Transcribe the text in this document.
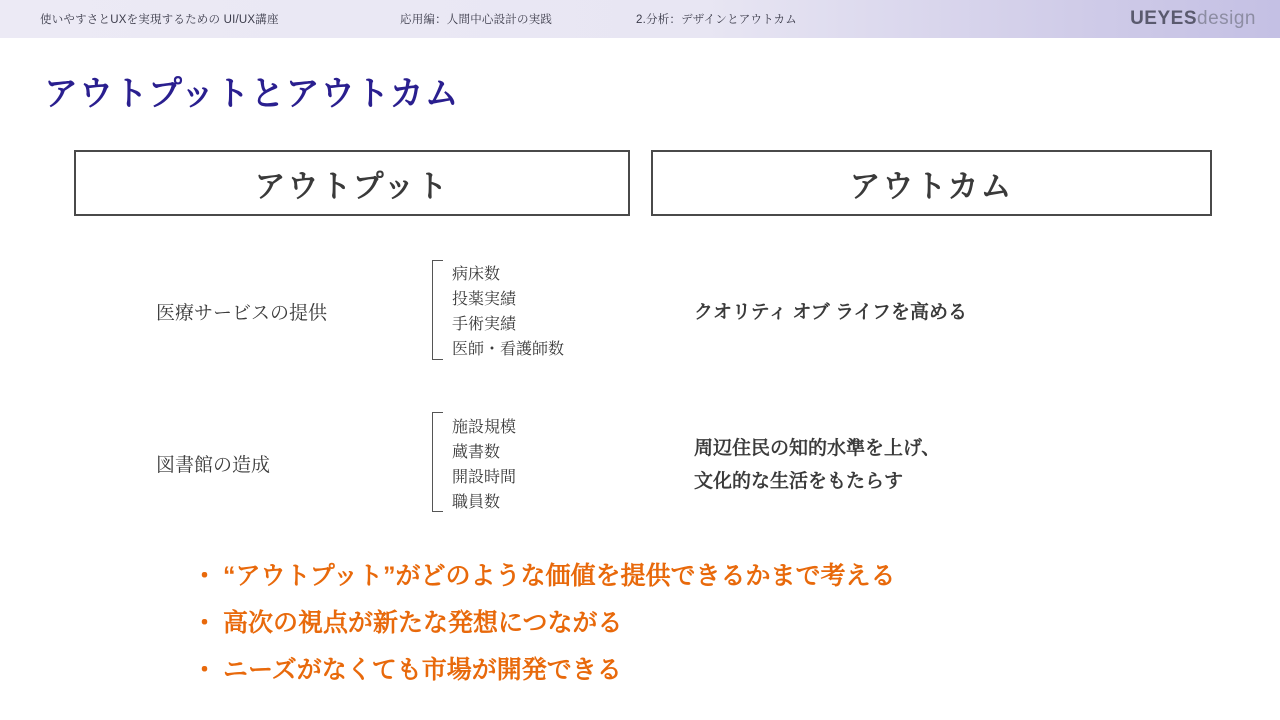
使いやすさとUXを実現するための UI/UX講座	応用編：人間中心設計の実践	2.分析：デザインとアウトカム	UEYESdesign
アウトプットとアウトカム
アウトプット	アウトカム
医療サービスの提供
病床数
投薬実績
手術実績
医師・看護師数
クオリティ オブ ライフを高める
図書館の造成
施設規模
蔵書数
開設時間
職員数
周辺住民の知的水準を上げ、
文化的な生活をもたらす
・ “アウトプット”がどのような価値を提供できるかまで考える
・ 高次の視点が新たな発想につながる
・ ニーズがなくても市場が開発できる
